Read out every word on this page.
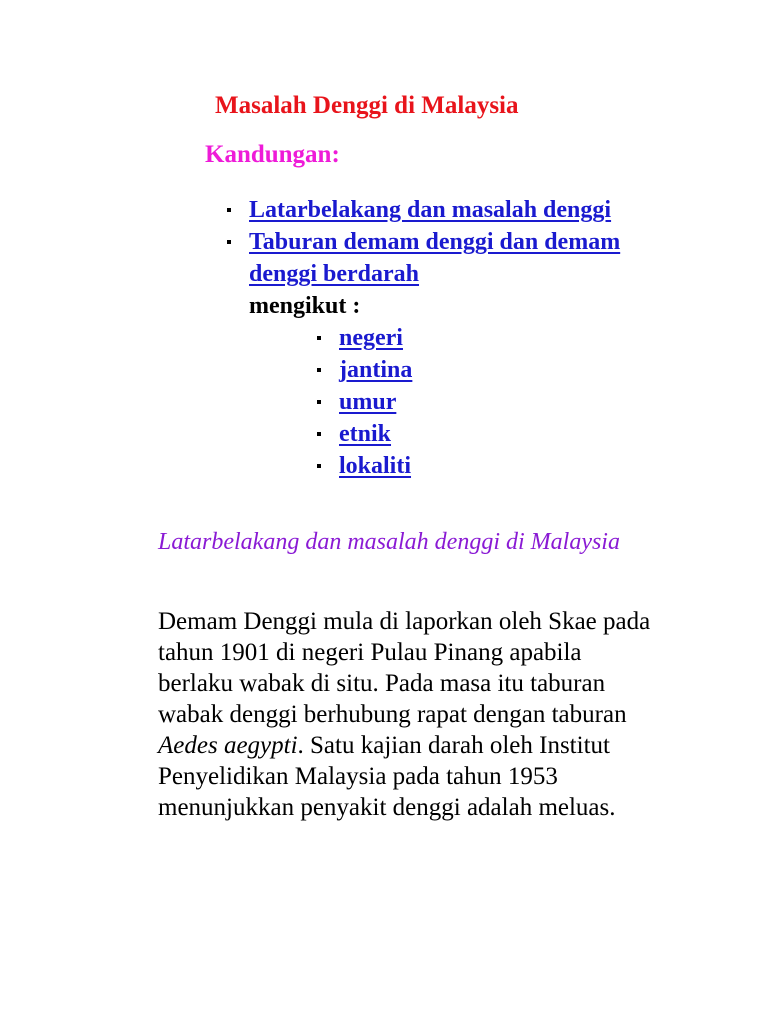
Masalah Denggi di Malaysia
Kandungan:
Latarbelakang dan masalah denggi
Taburan demam denggi dan demam denggi berdarah
mengikut :
negeri
jantina
umur
etnik
lokaliti
Latarbelakang dan masalah denggi di Malaysia

Demam Denggi mula di laporkan oleh Skae pada tahun 1901 di negeri Pulau Pinang apabila berlaku wabak di situ. Pada masa itu taburan wabak denggi berhubung rapat dengan taburan Aedes aegypti. Satu kajian darah oleh Institut Penyelidikan Malaysia pada tahun 1953 menunjukkan penyakit denggi adalah meluas.
